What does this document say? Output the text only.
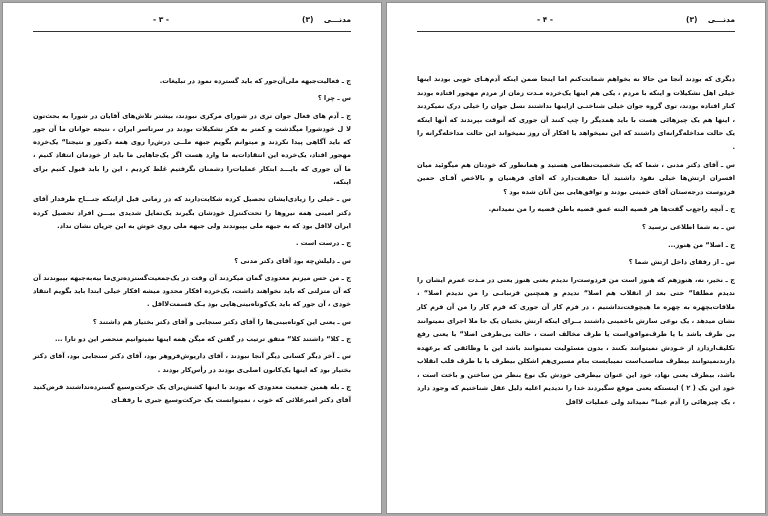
مدنـــی    (۳)
- ۳ -

ج ـ فعالیت‌جبهه ملی‌آن‌جور که باید گسترده نمود در تبلیغات.

س ـ چرا ؟

ج ـ آدم های فعال جوان تری در شورای مرکزی نبودند، بیشتر تلاش‌های آقایان در شورا به بحث‌تون لا ل خودشورا میگذشت و کمتر به فکر تشکیلات بودند در سرتاسر ایران ، نتیجه جوانان ما آن جور که باید آگاهی پیدا نکردند و میتوانم بگویم جبهه ملــی درش‌را روی همه دکتور و نتیجتا“ یک‌خرده مهجور افتاد، یک‌خرده این انتقادات‌به ما وارد هست اگر یک‌جاهایی ما باید از خودمان انتقاد کنیم ، ما آن جوری که بایـــد ابتکار عملیات‌را دشمنان نگرفتیم غلط کردیم ، این را باید قبول کنیم برای اینکه،

س ـ خیلی را زیادی‌ایشان تحصیل کرده شکایت‌دارند که در زمانی قبل ازاینکه جنـــاح طرفدار آقای دکتر امینی همه نیروها را تحت‌کنترل خودشان بگیرند یک‌تمایل شدیدی بیـــن افراد تحصیل کرده ایران لااقل بود که به جبهه ملی بپیوندند ولی جبهه ملی روی خوش به این جریان نشان نداد.

ج ـ درست است .

س ـ دلیلش‌چه بود آقای دکتر مدنی ؟

ج ـ من حس میزنم معدودی گمان میکردند آن وقت در یک‌جمعیت‌گسترده‌تری‌ما بیه‌به‌جبهه بپیوندند آن که آن متزلتی که باید نخواهند داشت، یک‌خرده افکار محدود میشه افکار خیلی ابتدا باید بگویم انتقاد خودی ، آن جور که باید یک‌کوتاه‌بینی‌هایی بود یـک قسمت‌لااقل .

س ـ یعنی این کوتاه‌بینی‌ها را آقای دکتر سنجابی و آقای دکتر بختیار هم داشتند ؟

ج ـ کلا“ داشتند کلا“ متفق ترتیب در گفتن که میگن همه اینها نمیتوانیم منحصر این دو تارا ...

س ـ آخر دیگر کسانی دیگر آنجا نبودند ، آقای داریوش‌فروهر بود، آقای دکتر سنجابی بود، آقای دکتر بختیار بود که اینها یک‌کانون اصلی‌ی بودند در رأس‌کار بودند .

ج ـ بله همین جمعیت معدودی که بودند با اینها کشش‌برای یک حرکت‌وسیع گسترده‌نداشتند فرض‌کنید آقای دکتر امیرعلائی که خوب ، نمیتوانست یک حرکت‌وسیع جبری با رفقـای

مدنـــی    (۳)
- ۴ -

دیگری که بودند آنجا من حالا نه بخواهم شماتت‌کنم اما اینجا ضمن اینکه آدم‌هـای خوبی بودند اینها خیلی اهل تشکیلات و اینکه با مردم ، یکی هم اینها یک‌خرده مـدت زمان از مردم مهجور افتاده بودند کنار افتاده بودند، توی گروه جوان خیلی شناختـی ازاینها نداشتند نسل جوان را خیلی درک نمیکردند ، اینها هم یک چیزهائی هست با باید همدیگر را چپ کنند آن جوری که آنوقت بپرندند که آنها اینکه یک حالت مداخله‌گرانه‌ای داشتند که این نمیخواهد یا افکار آن روز نمیخواند این حالت مداخله‌گرانه را .

س ـ آقای دکتر مدنی ، شما که یک شخصیت‌نظامی هستید و همانطور که خودتان هم میگوئید میان افسران ارتش‌ها خیلی نفوذ داشتید آیا حقیقت‌دارد که آقای فرهنیان و بالاخص آقـای حمین فردوست درجه‌ستان آقای خمینی بودند و توافق‌هایی بین آنان شده بود ؟

ج ـ آنچه راجع‌ب گفت‌ها هر قضیه البته عمق قضیه باطن قضیه را من نمیدانم.

س ـ به شما اطلاعی نرسید ؟

ج ـ اصلا“ من هنوز...

س ـ از رفقای داخل ارتش شما ؟

ج ـ نخیر، نه، هنوزهم که هنوز است من فردوست‌را ندیدم یعنی هنوز یعنی در مـدت عمرم ایشان را ندیدم مطلقا“ حتی بعد از انقلاب هم اصلا“ ندیدم و همچنین قرنبانـی را من ندیدم اصلا“ ، ملاقات‌بچهره به چهره ما هیچوقت‌نداشتیم ، در فرم کار آن جوری که فرم کار را من آن فرم کار نشان میدهد ، یک نوعی سازش باخمینی داشتند بــرای اینکه ارتش بختیان یک جا ملا اجرای نمیتوانند بی طرف باشد با یا طرف‌موافق‌است یا طرف مخالف است ، حالت بی‌طرفی اصلا“ با یعنی رفع تکلیف‌اردازد از خـودش نمیتوانند بکنند ، بدون مسئولیت نمیتوانند باشد این با وظائفی که برعهده دارندنمیتوانند بیطرف مناسب‌است نمیبایست بنام مسیری‌هم اشکلن بیطرف یا با طرف قلب انقلاب باشد، بیطرف یعنی نهاد، خود این عنوان بیطرفی خودش یک نوع بنظر من ساختن و باخت است ، خود این یک ( ۲ ) اینستکه یعنی موقع سگیردند خدا را ندیدیم اعلیه دلیل عقل شناختیم که وجود دارد ، یک چیزهائی را آدم عینا“ نمیداند ولی عملیات لااقل
